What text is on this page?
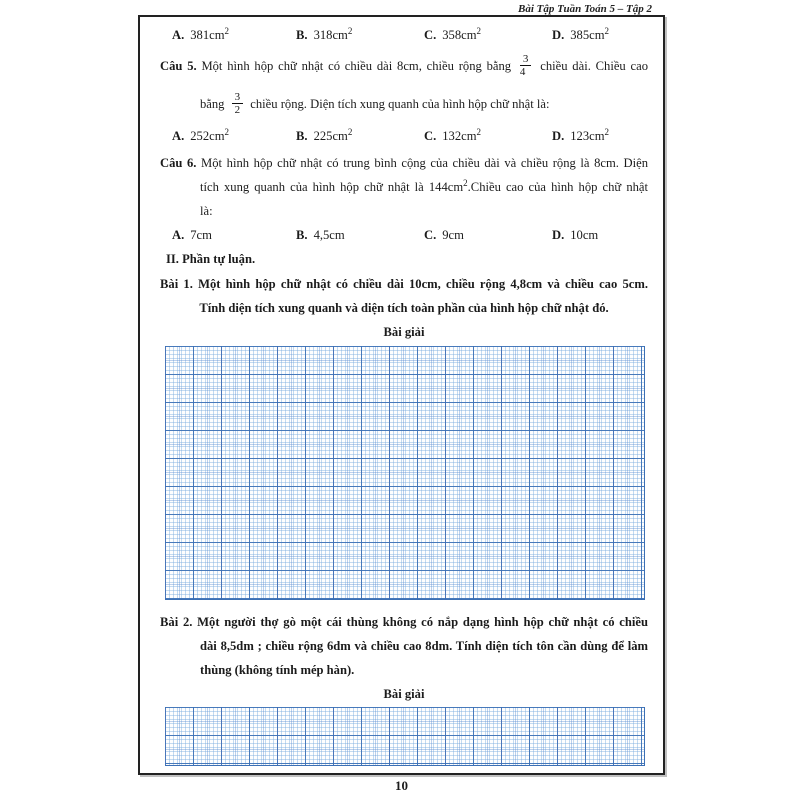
Bài Tập Tuần Toán 5 – Tập 2
A. $381cm^2$	B. $318cm^2$	C. $358cm^2$	D. $385cm^2$
Câu 5. Một hình hộp chữ nhật có chiều dài 8cm, chiều rộng bằng $\frac{3}{4}$ chiều dài. Chiều cao
bằng $\frac{3}{2}$ chiều rộng. Diện tích xung quanh của hình hộp chữ nhật là:
A. $252cm^2$	B. $225cm^2$	C. $132cm^2$	D. $123cm^2$
Câu 6. Một hình hộp chữ nhật có trung bình cộng của chiều dài và chiều rộng là 8cm. Diện
tích xung quanh của hình hộp chữ nhật là $144cm^2.Chiều$ cao của hình hộp chữ nhật
là:
A. 7cm	B. 4,5cm	C. 9cm	D. 10cm
II. Phần tự luận.
Bài 1. Một hình hộp chữ nhật có chiều dài 10cm, chiều rộng 4,8cm và chiều cao 5cm.
Tính diện tích xung quanh và diện tích toàn phần của hình hộp chữ nhật đó.
Bài giải
Bài 2. Một người thợ gò một cái thùng không có nắp dạng hình hộp chữ nhật có chiều
dài 8,5dm ; chiều rộng 6dm và chiều cao 8dm. Tính diện tích tôn cần dùng để làm
thùng (không tính mép hàn).
Bài giải
10
